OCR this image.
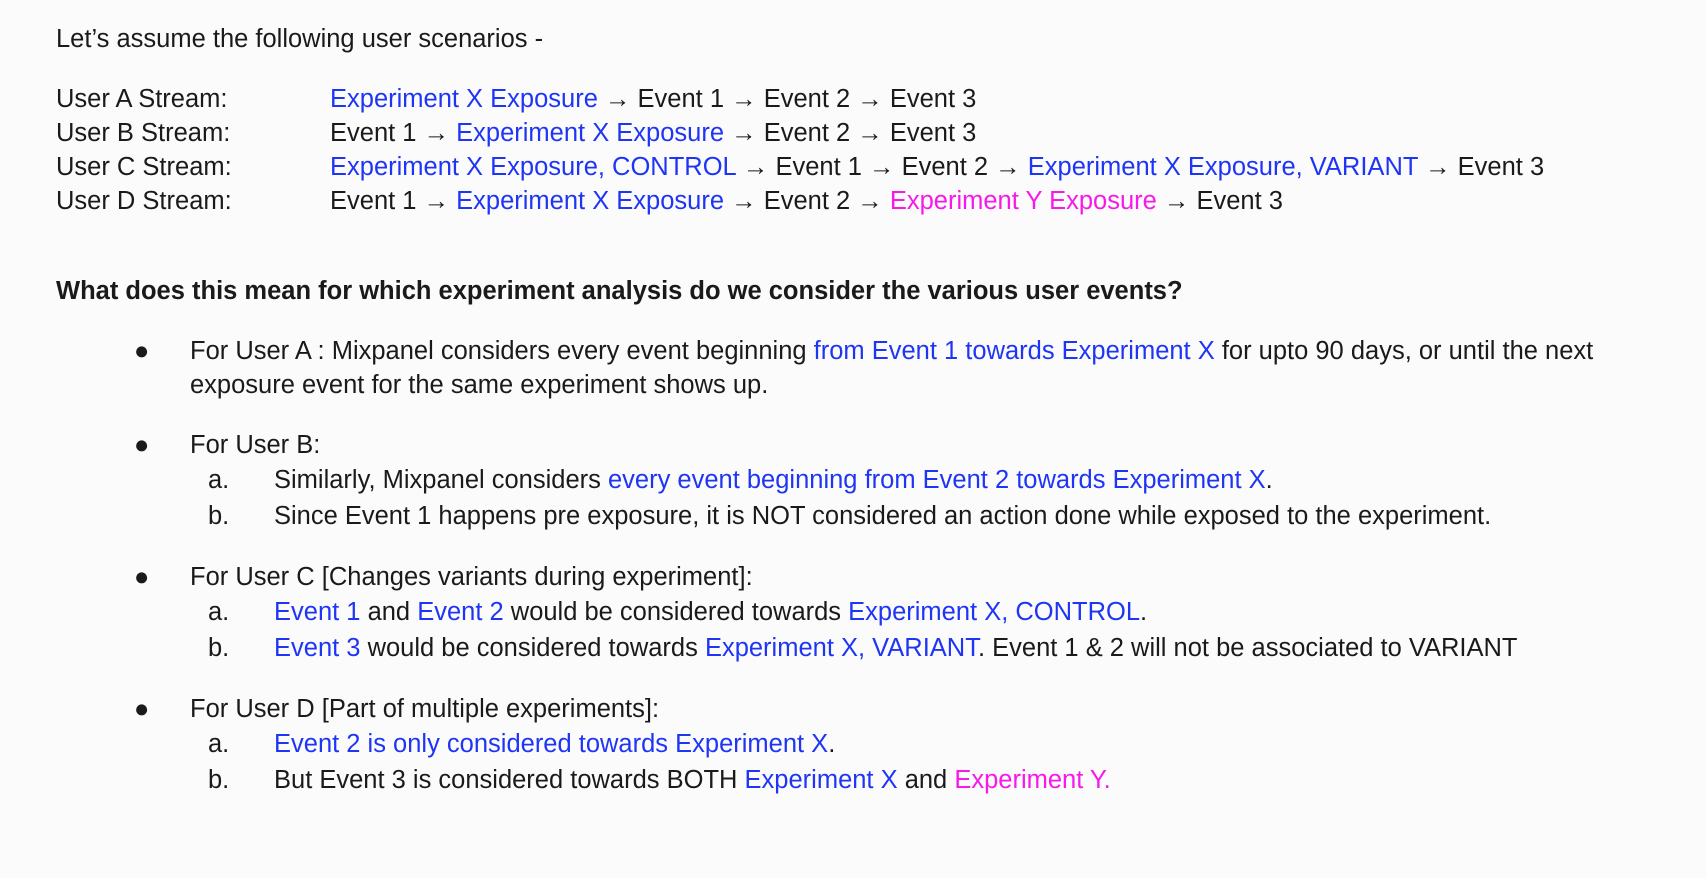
Let’s assume the following user scenarios -
User A Stream:	Experiment X Exposure → Event 1 → Event 2 → Event 3
User B Stream:	Event 1 → Experiment X Exposure → Event 2 → Event 3
User C Stream:	Experiment X Exposure, CONTROL → Event 1 → Event 2 → Experiment X Exposure, VARIANT → Event 3
User D Stream:	Event 1 → Experiment X Exposure → Event 2 → Experiment Y Exposure → Event 3
What does this mean for which experiment analysis do we consider the various user events?
● For User A : Mixpanel considers every event beginning from Event 1 towards Experiment X for upto 90 days, or until the next exposure event for the same experiment shows up.
● For User B:
a. Similarly, Mixpanel considers every event beginning from Event 2 towards Experiment X.
b. Since Event 1 happens pre exposure, it is NOT considered an action done while exposed to the experiment.
● For User C [Changes variants during experiment]:
a. Event 1 and Event 2 would be considered towards Experiment X, CONTROL.
b. Event 3 would be considered towards Experiment X, VARIANT. Event 1 & 2 will not be associated to VARIANT
● For User D [Part of multiple experiments]:
a. Event 2 is only considered towards Experiment X.
b. But Event 3 is considered towards BOTH Experiment X and Experiment Y.
